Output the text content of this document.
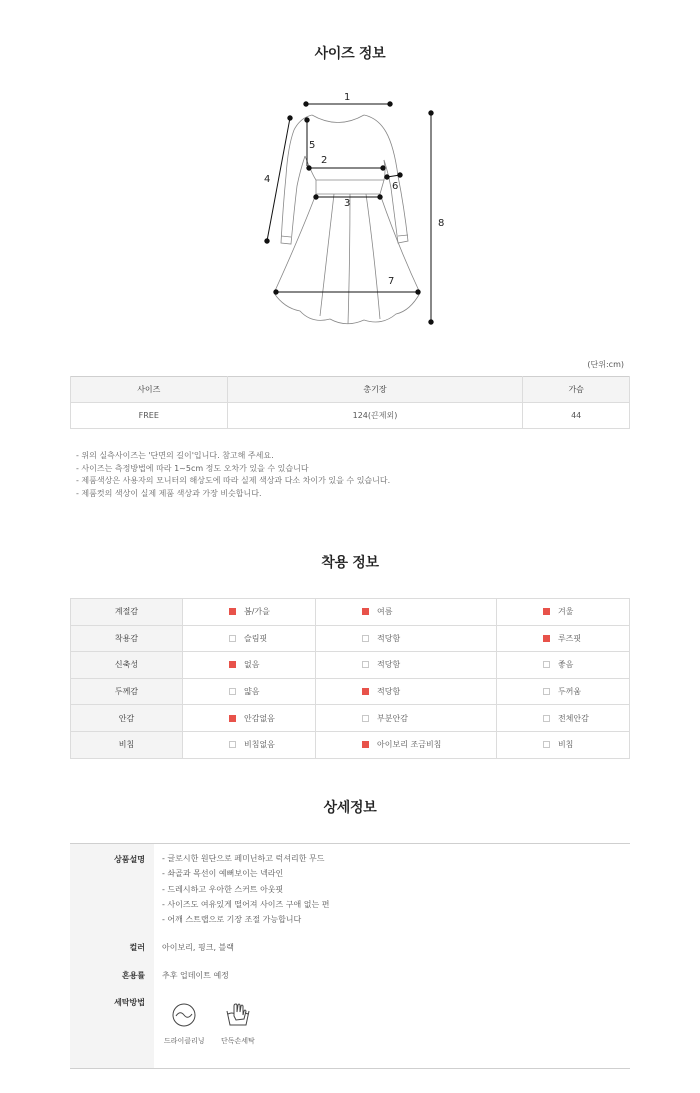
사이즈 정보
1
2
3
4
5
6
7
8
(단위:cm)
사이즈	총기장	가슴
FREE	124(끈제외)	44
- 위의 실측사이즈는 '단면의 길이'입니다. 참고해 주세요.
- 사이즈는 측정방법에 따라 1~5cm 정도 오차가 있을 수 있습니다
- 제품색상은 사용자의 모니터의 해상도에 따라 실제 색상과 다소 차이가 있을 수 있습니다.
- 제품컷의 색상이 실제 제품 색상과 가장 비슷합니다.
착용 정보
계절감	봄/가을	여름	겨울
착용감	슬림핏	적당함	루즈핏
신축성	없음	적당함	좋음
두께감	얇음	적당함	두꺼움
안감	안감없음	부분안감	전체안감
비침	비침없음	아이보리 조금비침	비침
상세정보
상품설명	- 글로시한 원단으로 페미닌하고 럭셔리한 무드
- 솨골과 목선이 예뻐보이는 넥라인
- 드레시하고 우아한 스커트 아웃핏
- 사이즈도 여유있게 떨어져 사이즈 구애 없는 편
- 어깨 스트랩으로 기장 조절 가능합니다
컬러	아이보리, 핑크, 블랙
혼용률	추후 업데이트 예정
세탁방법
드라이클리닝 단독손세탁
